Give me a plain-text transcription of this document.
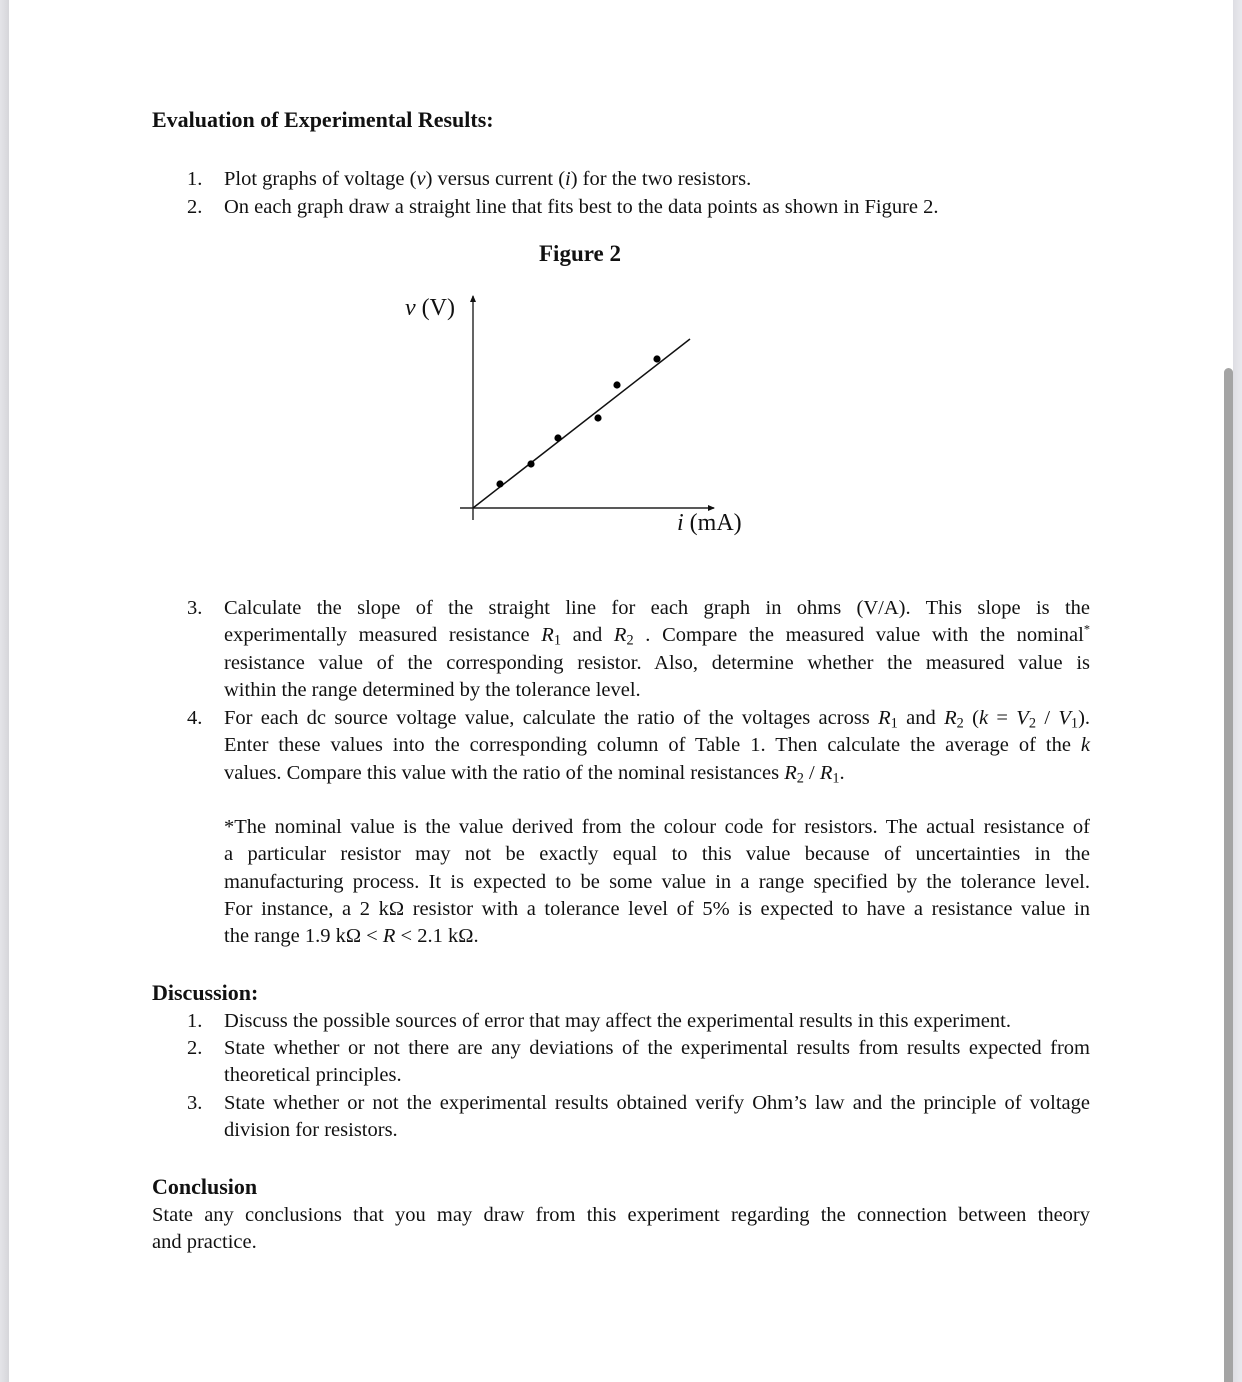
Evaluation of Experimental Results:
1. Plot graphs of voltage (v) versus current (i) for the two resistors.
2. On each graph draw a straight line that fits best to the data points as shown in Figure 2.
Figure 2
v (V)
i (mA)
3. Calculate the slope of the straight line for each graph in ohms (V/A). This slope is the
experimentally measured resistance $R_1$ and $R_2$ . Compare the measured value with the nominal*
resistance value of the corresponding resistor. Also, determine whether the measured value is
within the range determined by the tolerance level.
4. For each dc source voltage value, calculate the ratio of the voltages across $R_1$ and $R_2$ $(k = V_2 / V_1)$.
Enter these values into the corresponding column of Table 1. Then calculate the average of the k
values. Compare this value with the ratio of the nominal resistances $R_2 / R_1$.
*The nominal value is the value derived from the colour code for resistors. The actual resistance of
a particular resistor may not be exactly equal to this value because of uncertainties in the
manufacturing process. It is expected to be some value in a range specified by the tolerance level.
For instance, a 2 kΩ resistor with a tolerance level of 5% is expected to have a resistance value in
the range 1.9 kΩ < R < 2.1 kΩ.
Discussion:
1. Discuss the possible sources of error that may affect the experimental results in this experiment.
2. State whether or not there are any deviations of the experimental results from results expected from
theoretical principles.
3. State whether or not the experimental results obtained verify Ohm’s law and the principle of voltage
division for resistors.
Conclusion
State any conclusions that you may draw from this experiment regarding the connection between theory
and practice.
